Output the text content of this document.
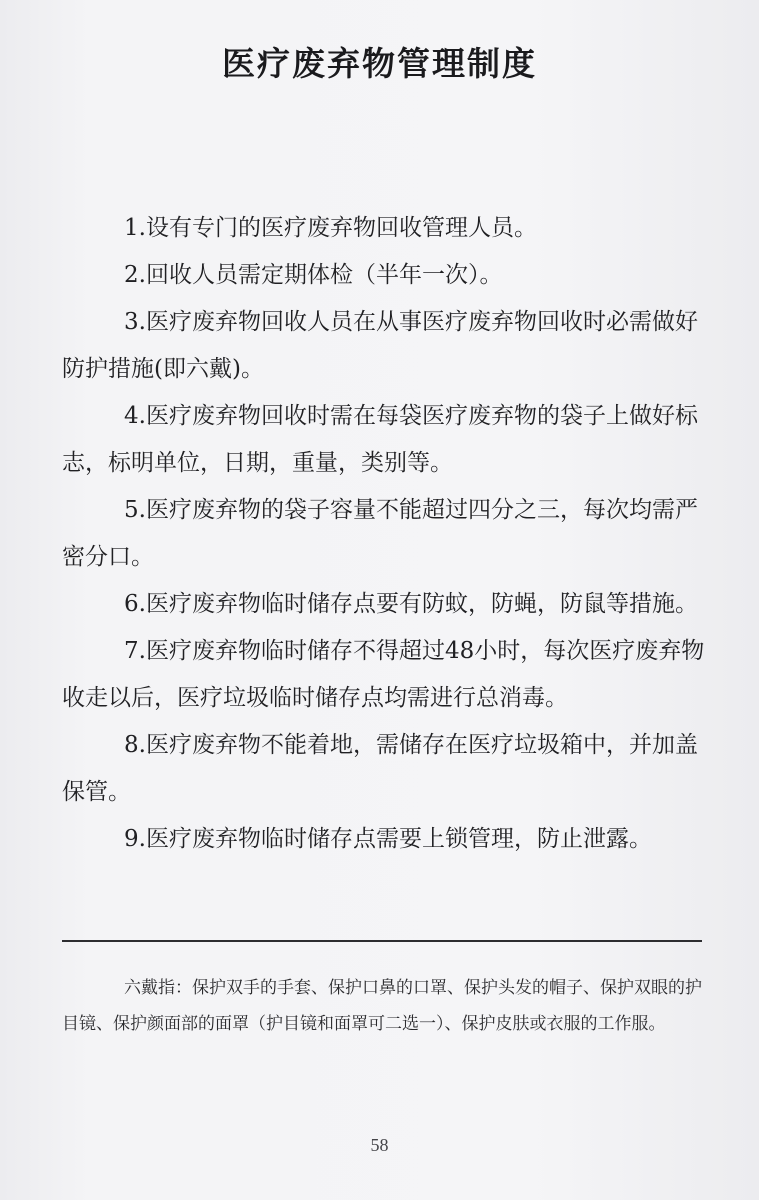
医疗废弃物管理制度

1.设有专门的医疗废弃物回收管理人员。

2.回收人员需定期体检（半年一次）。

3.医疗废弃物回收人员在从事医疗废弃物回收时必需做好防护措施(即六戴)。

4.医疗废弃物回收时需在每袋医疗废弃物的袋子上做好标志，标明单位，日期，重量，类别等。

5.医疗废弃物的袋子容量不能超过四分之三，每次均需严密分口。

6.医疗废弃物临时储存点要有防蚊，防蝇，防鼠等措施。

7.医疗废弃物临时储存不得超过48小时，每次医疗废弃物收走以后，医疗垃圾临时储存点均需进行总消毒。

8.医疗废弃物不能着地，需储存在医疗垃圾箱中，并加盖保管。

9.医疗废弃物临时储存点需要上锁管理，防止泄露。

六戴指：保护双手的手套、保护口鼻的口罩、保护头发的帽子、保护双眼的护目镜、保护颜面部的面罩（护目镜和面罩可二选一）、保护皮肤或衣服的工作服。
58
